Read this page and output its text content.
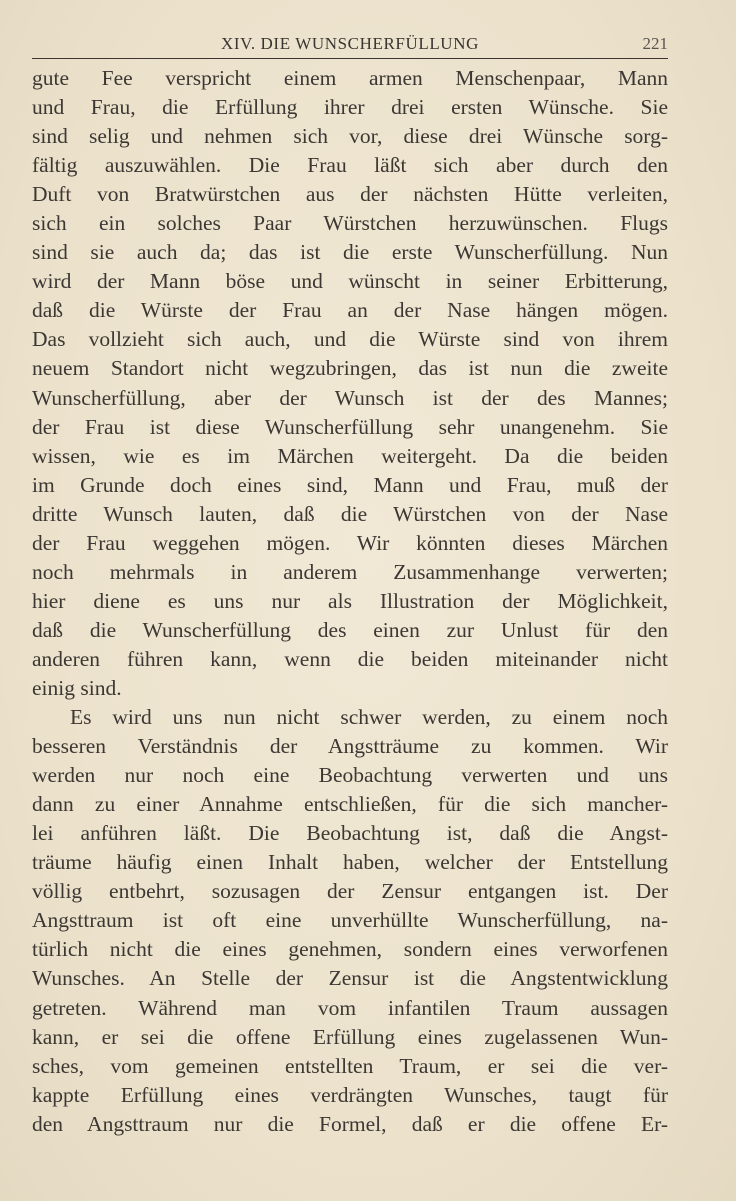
XIV. DIE WUNSCHERFÜLLUNG	221
gute Fee verspricht einem armen Menschenpaar, Mann
und Frau, die Erfüllung ihrer drei ersten Wünsche. Sie
sind selig und nehmen sich vor, diese drei Wünsche sorg-
fältig auszuwählen. Die Frau läßt sich aber durch den
Duft von Bratwürstchen aus der nächsten Hütte verleiten,
sich ein solches Paar Würstchen herzuwünschen. Flugs
sind sie auch da; das ist die erste Wunscherfüllung. Nun
wird der Mann böse und wünscht in seiner Erbitterung,
daß die Würste der Frau an der Nase hängen mögen.
Das vollzieht sich auch, und die Würste sind von ihrem
neuem Standort nicht wegzubringen, das ist nun die zweite
Wunscherfüllung, aber der Wunsch ist der des Mannes;
der Frau ist diese Wunscherfüllung sehr unangenehm. Sie
wissen, wie es im Märchen weitergeht. Da die beiden
im Grunde doch eines sind, Mann und Frau, muß der
dritte Wunsch lauten, daß die Würstchen von der Nase
der Frau weggehen mögen. Wir könnten dieses Märchen
noch mehrmals in anderem Zusammenhange verwerten;
hier diene es uns nur als Illustration der Möglichkeit,
daß die Wunscherfüllung des einen zur Unlust für den
anderen führen kann, wenn die beiden miteinander nicht
einig sind.
Es wird uns nun nicht schwer werden, zu einem noch
besseren Verständnis der Angstträume zu kommen. Wir
werden nur noch eine Beobachtung verwerten und uns
dann zu einer Annahme entschließen, für die sich mancher-
lei anführen läßt. Die Beobachtung ist, daß die Angst-
träume häufig einen Inhalt haben, welcher der Entstellung
völlig entbehrt, sozusagen der Zensur entgangen ist. Der
Angsttraum ist oft eine unverhüllte Wunscherfüllung, na-
türlich nicht die eines genehmen, sondern eines verworfenen
Wunsches. An Stelle der Zensur ist die Angstentwicklung
getreten. Während man vom infantilen Traum aussagen
kann, er sei die offene Erfüllung eines zugelassenen Wun-
sches, vom gemeinen entstellten Traum, er sei die ver-
kappte Erfüllung eines verdrängten Wunsches, taugt für
den Angsttraum nur die Formel, daß er die offene Er-
